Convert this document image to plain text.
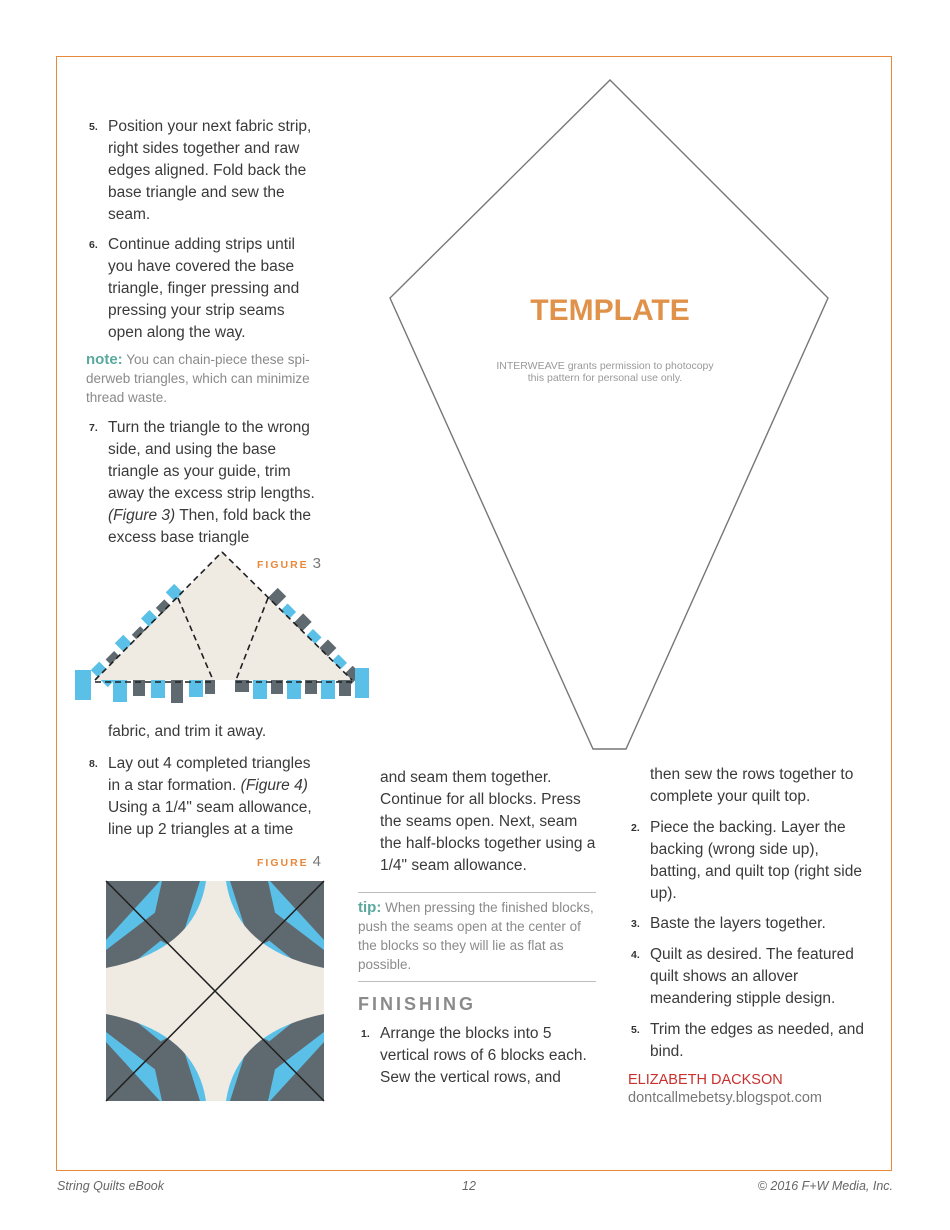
5. Position your next fabric strip, right sides together and raw edges aligned. Fold back the base triangle and sew the seam.
6. Continue adding strips until you have covered the base triangle, finger pressing and pressing your strip seams open along the way.
note: You can chain-piece these spiderweb triangles, which can minimize thread waste.
7. Turn the triangle to the wrong side, and using the base triangle as your guide, trim away the excess strip lengths. (Figure 3) Then, fold back the excess base triangle
FIGURE 3
fabric, and trim it away.
8. Lay out 4 completed triangles in a star formation. (Figure 4) Using a 1/4" seam allowance, line up 2 triangles at a time
FIGURE 4
TEMPLATE
INTERWEAVE grants permission to photocopy this pattern for personal use only.
and seam them together. Continue for all blocks. Press the seams open. Next, seam the half-blocks together using a 1/4" seam allowance.
tip: When pressing the finished blocks, push the seams open at the center of the blocks so they will lie as flat as possible.
FINISHING
1. Arrange the blocks into 5 vertical rows of 6 blocks each. Sew the vertical rows, and
then sew the rows together to complete your quilt top.
2. Piece the backing. Layer the backing (wrong side up), batting, and quilt top (right side up).
3. Baste the layers together.
4. Quilt as desired. The featured quilt shows an allover meandering stipple design.
5. Trim the edges as needed, and bind.
ELIZABETH DACKSON
dontcallmebetsy.blogspot.com
String Quilts eBook	12	© 2016 F+W Media, Inc.
